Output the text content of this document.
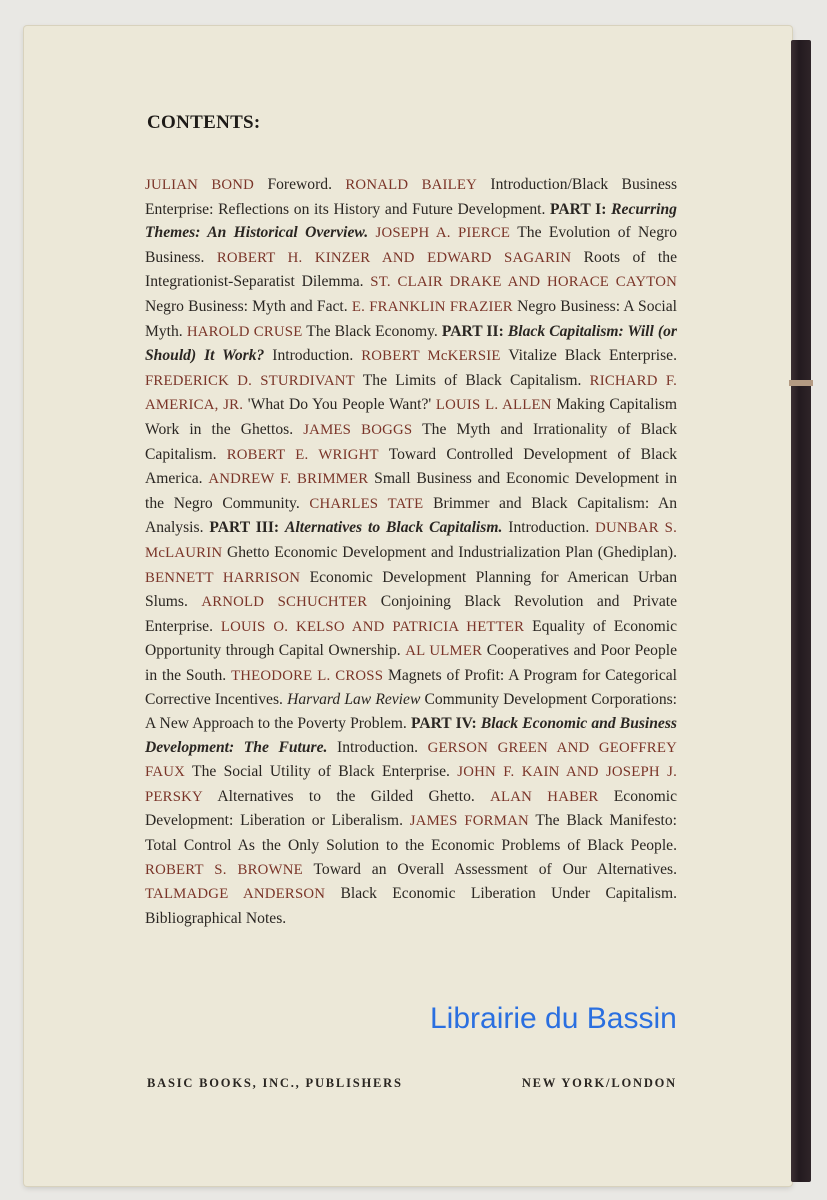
CONTENTS:

JULIAN BOND Foreword. RONALD BAILEY Introduction/Black Business Enterprise: Reflections on its History and Future Development. PART I: Recurring Themes: An Historical Overview. JOSEPH A. PIERCE The Evolution of Negro Business. ROBERT H. KINZER AND EDWARD SAGARIN Roots of the Integrationist-Separatist Dilemma. ST. CLAIR DRAKE AND HORACE CAYTON Negro Business: Myth and Fact. E. FRANKLIN FRAZIER Negro Business: A Social Myth. HAROLD CRUSE The Black Economy. PART II: Black Capitalism: Will (or Should) It Work? Introduction. ROBERT McKERSIE Vitalize Black Enterprise. FREDERICK D. STURDIVANT The Limits of Black Capitalism. RICHARD F. AMERICA, JR. 'What Do You People Want?' LOUIS L. ALLEN Making Capitalism Work in the Ghettos. JAMES BOGGS The Myth and Irrationality of Black Capitalism. ROBERT E. WRIGHT Toward Controlled Development of Black America. ANDREW F. BRIMMER Small Business and Economic Development in the Negro Community. CHARLES TATE Brimmer and Black Capitalism: An Analysis. PART III: Alternatives to Black Capitalism. Introduction. DUNBAR S. McLAURIN Ghetto Economic Development and Industrialization Plan (Ghediplan). BENNETT HARRISON Economic Development Planning for American Urban Slums. ARNOLD SCHUCHTER Conjoining Black Revolution and Private Enterprise. LOUIS O. KELSO AND PATRICIA HETTER Equality of Economic Opportunity through Capital Ownership. AL ULMER Cooperatives and Poor People in the South. THEODORE L. CROSS Magnets of Profit: A Program for Categorical Corrective Incentives. Harvard Law Review Community Development Corporations: A New Approach to the Poverty Problem. PART IV: Black Economic and Business Development: The Future. Introduction. GERSON GREEN AND GEOFFREY FAUX The Social Utility of Black Enterprise. JOHN F. KAIN AND JOSEPH J. PERSKY Alternatives to the Gilded Ghetto. ALAN HABER Economic Development: Liberation or Liberalism. JAMES FORMAN The Black Manifesto: Total Control As the Only Solution to the Economic Problems of Black People. ROBERT S. BROWNE Toward an Overall Assessment of Our Alternatives. TALMADGE ANDERSON Black Economic Liberation Under Capitalism. Bibliographical Notes.

BASIC BOOKS, INC., PUBLISHERS	NEW YORK/LONDON
Librairie du Bassin
